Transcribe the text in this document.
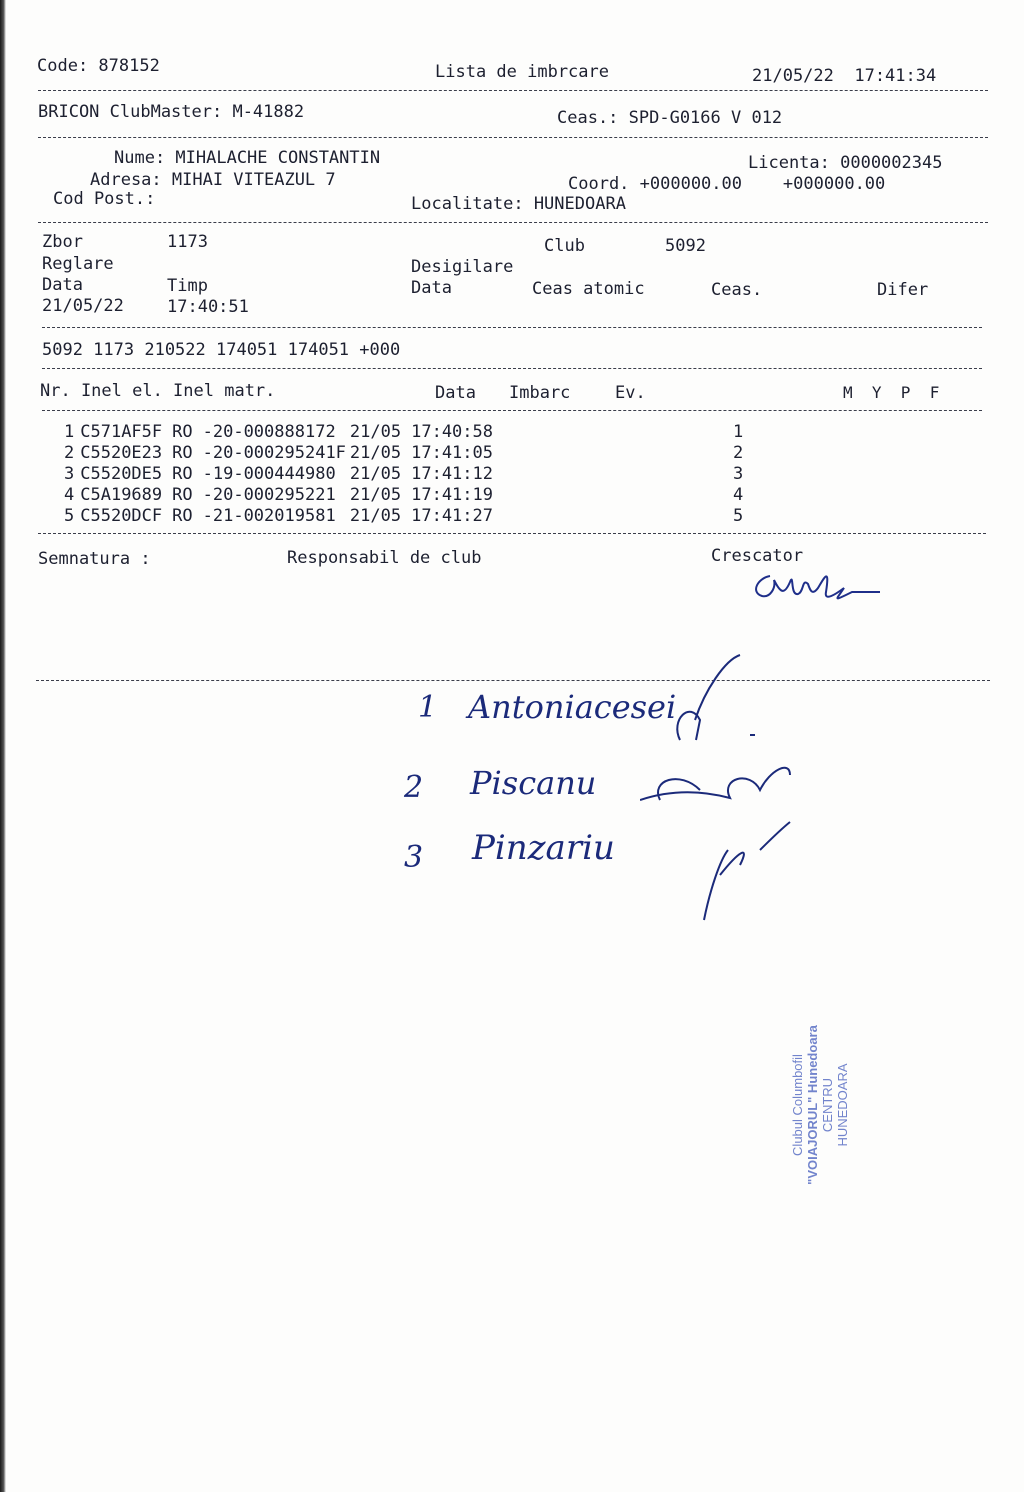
Code: 878152	Lista de imbrcare	21/05/22  17:41:34
BRICON ClubMaster: M-41882	Ceas.: SPD-G0166 V 012
Nume: MIHALACHE CONSTANTIN	Licenta: 0000002345
Adresa: MIHAI VITEAZUL 7	Coord. +000000.00    +000000.00
Cod Post.:	Localitate: HUNEDOARA
Zbor	1173	Club	5092
Reglare	Desigilare
Data	Timp	Data	Ceas atomic	Ceas.	Difer
21/05/22	17:40:51
5092 1173 210522 174051 174051 +000
Nr. Inel el. Inel matr.	Data Imbarc	Ev.	M  Y  P  F
1	C571AF5F	RO	-20-000888172	21/05	17:40:58	1
2	C5520E23	RO	-20-000295241F	21/05	17:41:05	2
3	C5520DE5	RO	-19-000444980	21/05	17:41:12	3
4	C5A19689	RO	-20-000295221	21/05	17:41:19	4
5	C5520DCF	RO	-21-002019581	21/05	17:41:27	5
Semnatura :	Responsabil de club	Crescator
1 Antoniacesei
2 Piscanu
3 Pinzariu
Clubul Columbofil "VOIAJORUL" Hunedoara CENTRU HUNEDOARA
